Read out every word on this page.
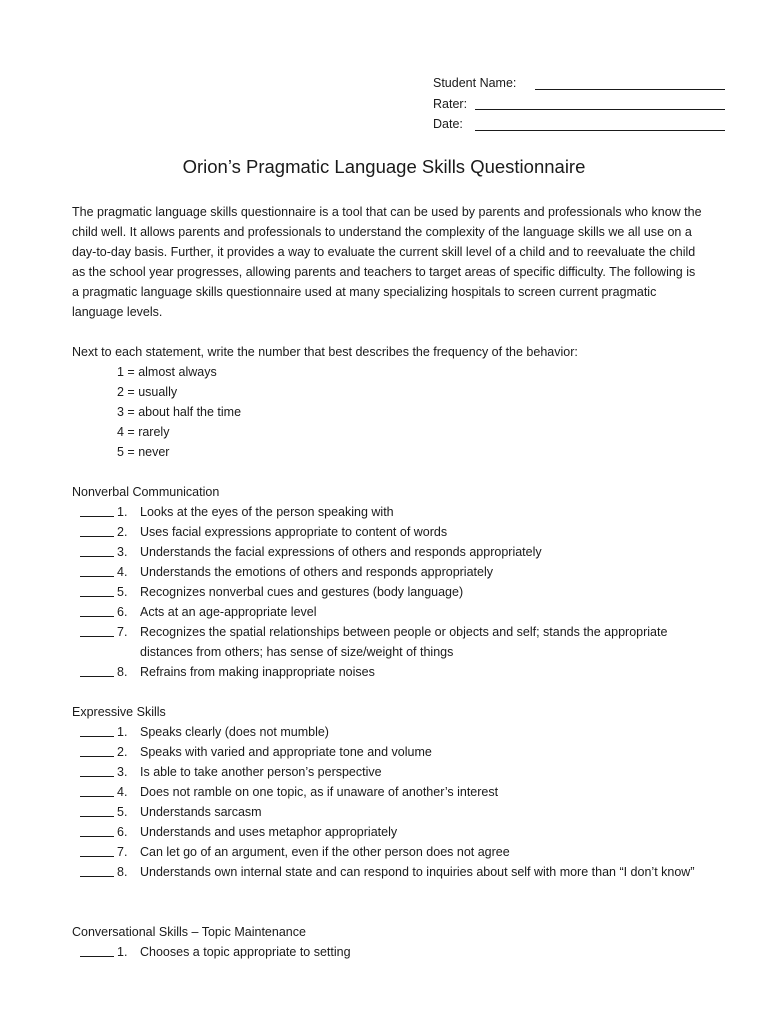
Student Name:
Rater:
Date:
Orion’s Pragmatic Language Skills Questionnaire

The pragmatic language skills questionnaire is a tool that can be used by parents and professionals who know the child well. It allows parents and professionals to understand the complexity of the language skills we all use on a day-to-day basis. Further, it provides a way to evaluate the current skill level of a child and to reevaluate the child as the school year progresses, allowing parents and teachers to target areas of specific difficulty. The following is a pragmatic language skills questionnaire used at many specializing hospitals to screen current pragmatic language levels.

Next to each statement, write the number that best describes the frequency of the behavior:
1 = almost always
2 = usually
3 = about half the time
4 = rarely
5 = never
Nonverbal Communication
1. Looks at the eyes of the person speaking with
2. Uses facial expressions appropriate to content of words
3. Understands the facial expressions of others and responds appropriately
4. Understands the emotions of others and responds appropriately
5. Recognizes nonverbal cues and gestures (body language)
6. Acts at an age-appropriate level
7. Recognizes the spatial relationships between people or objects and self; stands the appropriate distances from others; has sense of size/weight of things
8. Refrains from making inappropriate noises
Expressive Skills
1. Speaks clearly (does not mumble)
2. Speaks with varied and appropriate tone and volume
3. Is able to take another person’s perspective
4. Does not ramble on one topic, as if unaware of another’s interest
5. Understands sarcasm
6. Understands and uses metaphor appropriately
7. Can let go of an argument, even if the other person does not agree
8. Understands own internal state and can respond to inquiries about self with more than “I don’t know”
Conversational Skills – Topic Maintenance
1. Chooses a topic appropriate to setting
